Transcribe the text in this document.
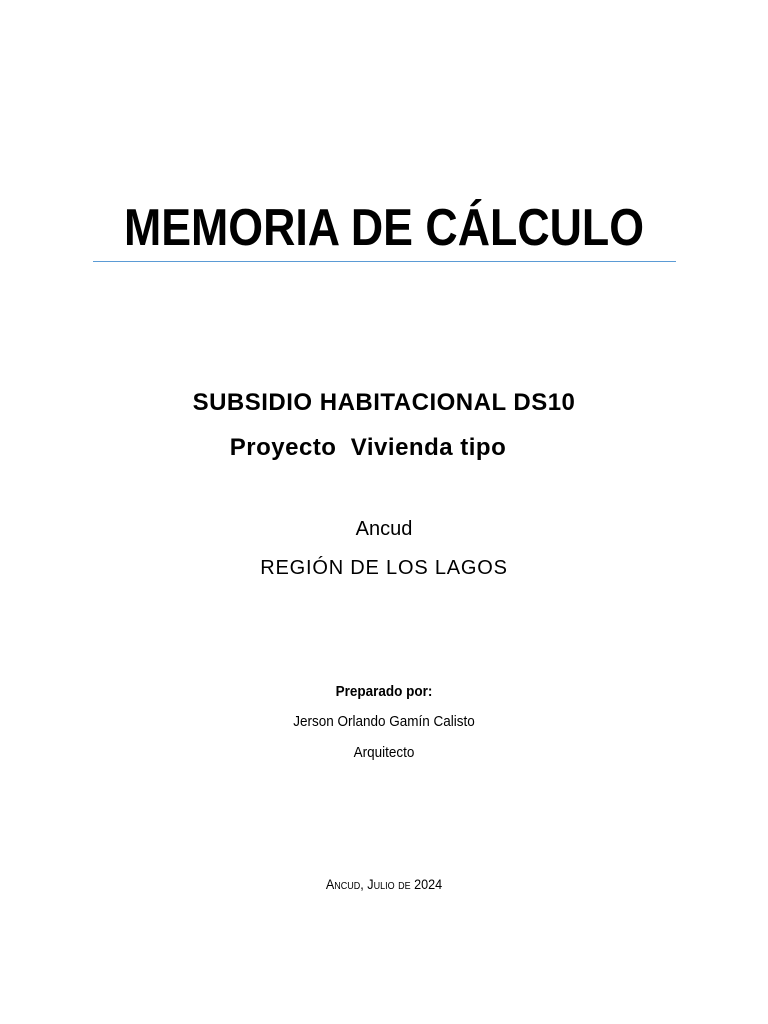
MEMORIA DE CÁLCULO
SUBSIDIO HABITACIONAL DS10
Proyecto  Vivienda tipo

Ancud

REGIÓN DE LOS LAGOS

Preparado por:

Jerson Orlando Gamín Calisto

Arquitecto

Ancud, Julio de 2024
